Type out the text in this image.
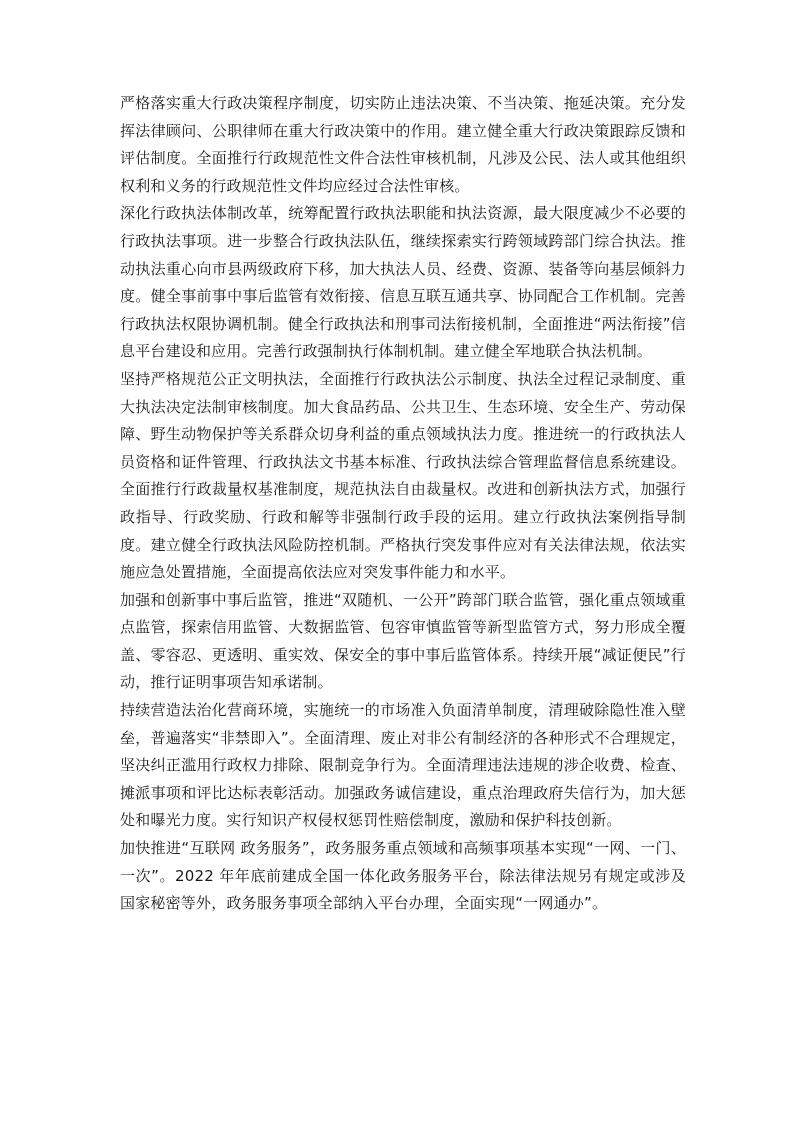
严格落实重大行政决策程序制度，切实防止违法决策、不当决策、拖延决策。充分发挥法律顾问、公职律师在重大行政决策中的作用。建立健全重大行政决策跟踪反馈和评估制度。全面推行行政规范性文件合法性审核机制，凡涉及公民、法人或其他组织权利和义务的行政规范性文件均应经过合法性审核。

深化行政执法体制改革，统筹配置行政执法职能和执法资源，最大限度减少不必要的行政执法事项。进一步整合行政执法队伍，继续探索实行跨领域跨部门综合执法。推动执法重心向市县两级政府下移，加大执法人员、经费、资源、装备等向基层倾斜力度。健全事前事中事后监管有效衔接、信息互联互通共享、协同配合工作机制。完善行政执法权限协调机制。健全行政执法和刑事司法衔接机制，全面推进“两法衔接”信息平台建设和应用。完善行政强制执行体制机制。建立健全军地联合执法机制。

坚持严格规范公正文明执法，全面推行行政执法公示制度、执法全过程记录制度、重大执法决定法制审核制度。加大食品药品、公共卫生、生态环境、安全生产、劳动保障、野生动物保护等关系群众切身利益的重点领域执法力度。推进统一的行政执法人员资格和证件管理、行政执法文书基本标准、行政执法综合管理监督信息系统建设。全面推行行政裁量权基准制度，规范执法自由裁量权。改进和创新执法方式，加强行政指导、行政奖励、行政和解等非强制行政手段的运用。建立行政执法案例指导制度。建立健全行政执法风险防控机制。严格执行突发事件应对有关法律法规，依法实施应急处置措施，全面提高依法应对突发事件能力和水平。

加强和创新事中事后监管，推进“双随机、一公开”跨部门联合监管，强化重点领域重点监管，探索信用监管、大数据监管、包容审慎监管等新型监管方式，努力形成全覆盖、零容忍、更透明、重实效、保安全的事中事后监管体系。持续开展“减证便民”行动，推行证明事项告知承诺制。

持续营造法治化营商环境，实施统一的市场准入负面清单制度，清理破除隐性准入壁垒，普遍落实“非禁即入”。全面清理、废止对非公有制经济的各种形式不合理规定，坚决纠正滥用行政权力排除、限制竞争行为。全面清理违法违规的涉企收费、检查、摊派事项和评比达标表彰活动。加强政务诚信建设，重点治理政府失信行为，加大惩处和曝光力度。实行知识产权侵权惩罚性赔偿制度，激励和保护科技创新。

加快推进“互联网 政务服务”，政务服务重点领域和高频事项基本实现“一网、一门、一次”。2022 年年底前建成全国一体化政务服务平台，除法律法规另有规定或涉及国家秘密等外，政务服务事项全部纳入平台办理，全面实现“一网通办”。
